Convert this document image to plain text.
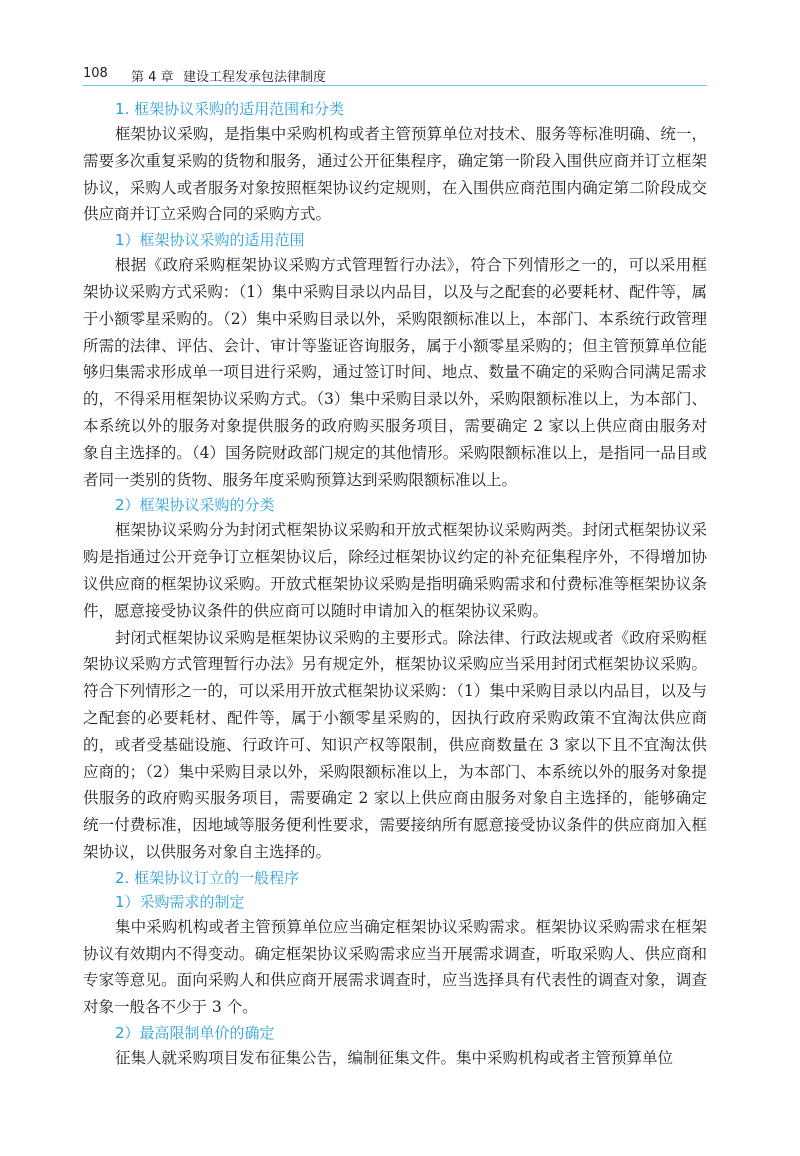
108 第 4 章 建设工程发承包法律制度
1. 框架协议采购的适用范围和分类

框架协议采购，是指集中采购机构或者主管预算单位对技术、服务等标准明确、统一，需要多次重复采购的货物和服务，通过公开征集程序，确定第一阶段入围供应商并订立框架协议，采购人或者服务对象按照框架协议约定规则，在入围供应商范围内确定第二阶段成交供应商并订立采购合同的采购方式。

1）框架协议采购的适用范围

根据《政府采购框架协议采购方式管理暂行办法》，符合下列情形之一的，可以采用框架协议采购方式采购：（1）集中采购目录以内品目，以及与之配套的必要耗材、配件等，属于小额零星采购的。（2）集中采购目录以外，采购限额标准以上，本部门、本系统行政管理所需的法律、评估、会计、审计等鉴证咨询服务，属于小额零星采购的；但主管预算单位能够归集需求形成单一项目进行采购，通过签订时间、地点、数量不确定的采购合同满足需求的，不得采用框架协议采购方式。（3）集中采购目录以外，采购限额标准以上，为本部门、本系统以外的服务对象提供服务的政府购买服务项目，需要确定 2 家以上供应商由服务对象自主选择的。（4）国务院财政部门规定的其他情形。采购限额标准以上，是指同一品目或者同一类别的货物、服务年度采购预算达到采购限额标准以上。

2）框架协议采购的分类

框架协议采购分为封闭式框架协议采购和开放式框架协议采购两类。封闭式框架协议采购是指通过公开竞争订立框架协议后，除经过框架协议约定的补充征集程序外，不得增加协议供应商的框架协议采购。开放式框架协议采购是指明确采购需求和付费标准等框架协议条件，愿意接受协议条件的供应商可以随时申请加入的框架协议采购。

封闭式框架协议采购是框架协议采购的主要形式。除法律、行政法规或者《政府采购框架协议采购方式管理暂行办法》另有规定外，框架协议采购应当采用封闭式框架协议采购。符合下列情形之一的，可以采用开放式框架协议采购：（1）集中采购目录以内品目，以及与之配套的必要耗材、配件等，属于小额零星采购的，因执行政府采购政策不宜淘汰供应商的，或者受基础设施、行政许可、知识产权等限制，供应商数量在 3 家以下且不宜淘汰供应商的；（2）集中采购目录以外，采购限额标准以上，为本部门、本系统以外的服务对象提供服务的政府购买服务项目，需要确定 2 家以上供应商由服务对象自主选择的，能够确定统一付费标准，因地域等服务便利性要求，需要接纳所有愿意接受协议条件的供应商加入框架协议，以供服务对象自主选择的。

2. 框架协议订立的一般程序
1）采购需求的制定

集中采购机构或者主管预算单位应当确定框架协议采购需求。框架协议采购需求在框架协议有效期内不得变动。确定框架协议采购需求应当开展需求调查，听取采购人、供应商和专家等意见。面向采购人和供应商开展需求调查时，应当选择具有代表性的调查对象，调查对象一般各不少于 3 个。

2）最高限制单价的确定

征集人就采购项目发布征集公告，编制征集文件。集中采购机构或者主管预算单位
